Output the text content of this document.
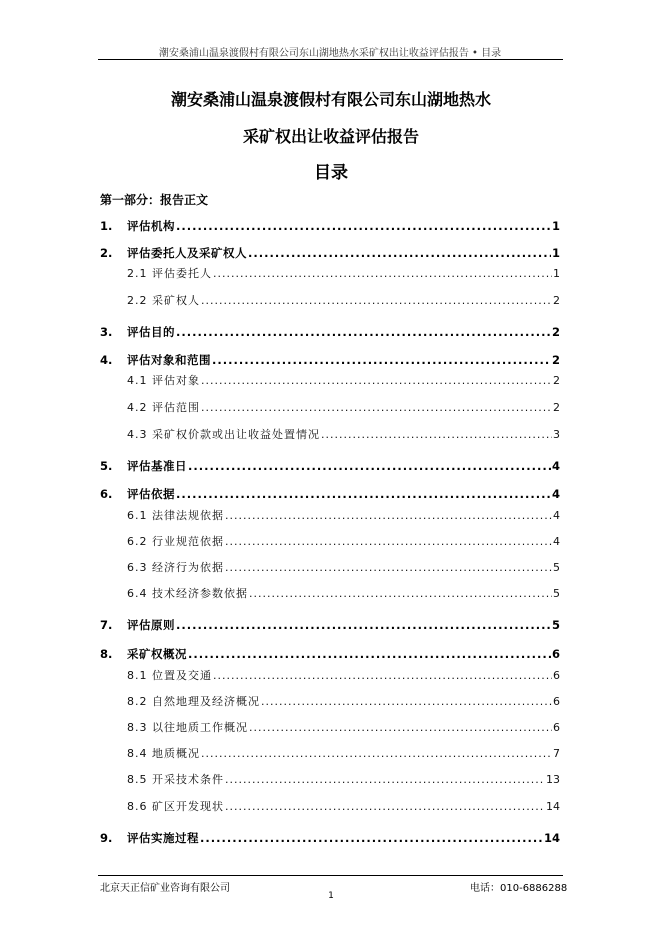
潮安桑浦山温泉渡假村有限公司东山湖地热水采矿权出让收益评估报告 • 目录
潮安桑浦山温泉渡假村有限公司东山湖地热水
采矿权出让收益评估报告
目录
第一部分：报告正文
1.	评估机构 .....	1
2.	评估委托人及采矿权人 .....	1
2.1 评估委托人 .....	1
2.2 采矿权人 .....	2
3.	评估目的 .....	2
4.	评估对象和范围 .....	2
4.1 评估对象 .....	2
4.2 评估范围 .....	2
4.3 采矿权价款或出让收益处置情况 .....	3
5.	评估基准日 .....	4
6.	评估依据 .....	4
6.1 法律法规依据 .....	4
6.2 行业规范依据 .....	4
6.3 经济行为依据 .....	5
6.4 技术经济参数依据 .....	5
7.	评估原则 .....	5
8.	采矿权概况 .....	6
8.1 位置及交通 .....	6
8.2 自然地理及经济概况 .....	6
8.3 以往地质工作概况 .....	6
8.4 地质概况 .....	7
8.5 开采技术条件 .....	13
8.6 矿区开发现状 .....	14
9.	评估实施过程 .....	14
北京天正信矿业咨询有限公司	电话：010-6886288
1
